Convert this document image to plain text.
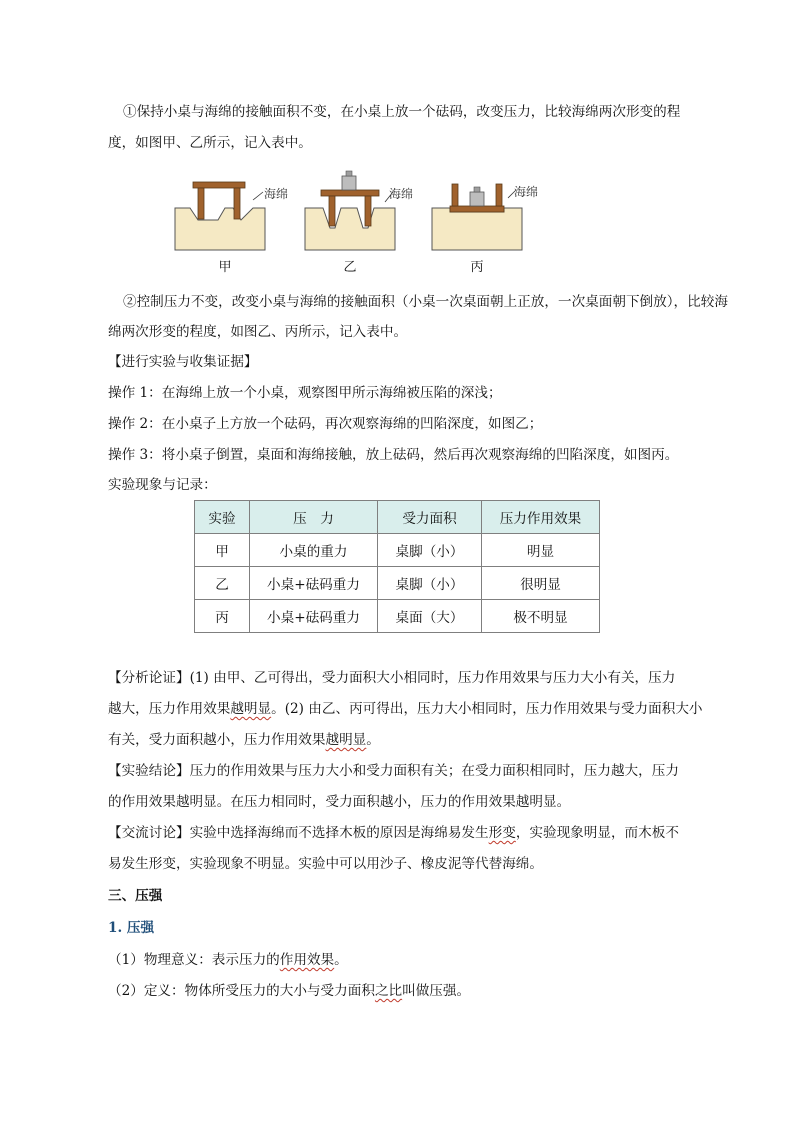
①保持小桌与海绵的接触面积不变，在小桌上放一个砝码，改变压力，比较海绵两次形变的程
度，如图甲、乙所示，记入表中。
海绵	海绵	海绵
甲	乙	丙
②控制压力不变，改变小桌与海绵的接触面积（小桌一次桌面朝上正放，一次桌面朝下倒放），比较海
绵两次形变的程度，如图乙、丙所示，记入表中。
【进行实验与收集证据】
操作 1：在海绵上放一个小桌，观察图甲所示海绵被压陷的深浅；
操作 2：在小桌子上方放一个砝码，再次观察海绵的凹陷深度，如图乙；
操作 3：将小桌子倒置，桌面和海绵接触，放上砝码，然后再次观察海绵的凹陷深度，如图丙。
实验现象与记录：
实验	压　力	受力面积	压力作用效果
甲	小桌的重力	桌脚（小）	明显
乙	小桌+砝码重力	桌脚（小）	很明显
丙	小桌+砝码重力	桌面（大）	极不明显
【分析论证】(1) 由甲、乙可得出，受力面积大小相同时，压力作用效果与压力大小有关，压力
越大，压力作用效果越明显。(2) 由乙、丙可得出，压力大小相同时，压力作用效果与受力面积大小
有关，受力面积越小，压力作用效果越明显。
【实验结论】压力的作用效果与压力大小和受力面积有关；在受力面积相同时，压力越大，压力
的作用效果越明显。在压力相同时，受力面积越小，压力的作用效果越明显。
【交流讨论】实验中选择海绵而不选择木板的原因是海绵易发生形变，实验现象明显，而木板不
易发生形变，实验现象不明显。实验中可以用沙子、橡皮泥等代替海绵。
三、压强
1. 压强
（1）物理意义：表示压力的作用效果。
（2）定义：物体所受压力的大小与受力面积之比叫做压强。
